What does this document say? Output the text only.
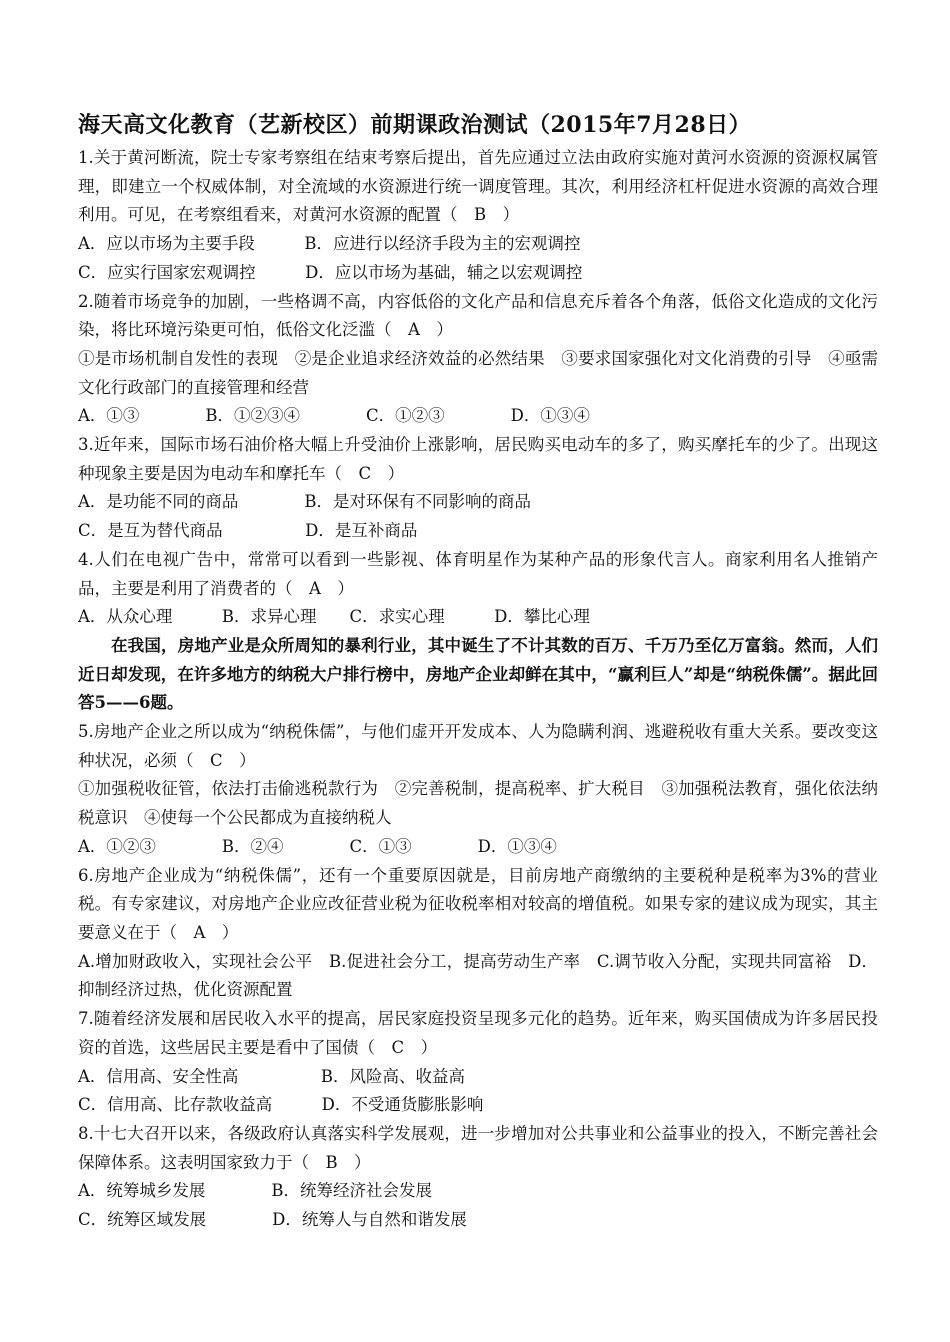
海天高文化教育（艺新校区）前期课政治测试（2015年7月28日）
1.关于黄河断流，院士专家考察组在结束考察后提出，首先应通过立法由政府实施对黄河水资源的资源权属管理，即建立一个权威体制，对全流域的水资源进行统一调度管理。其次，利用经济杠杆促进水资源的高效合理利用。可见，在考察组看来，对黄河水资源的配置（　B　）
A．应以市场为主要手段　　　B．应进行以经济手段为主的宏观调控
C．应实行国家宏观调控　　　D．应以市场为基础，辅之以宏观调控
2.随着市场竞争的加剧，一些格调不高，内容低俗的文化产品和信息充斥着各个角落，低俗文化造成的文化污染，将比环境污染更可怕，低俗文化泛滥（　A　）
①是市场机制自发性的表现　②是企业追求经济效益的必然结果　③要求国家强化对文化消费的引导　④亟需文化行政部门的直接管理和经营
A．①③　　　　B．①②③④　　　　C．①②③　　　　D．①③④
3.近年来，国际市场石油价格大幅上升受油价上涨影响，居民购买电动车的多了，购买摩托车的少了。出现这种现象主要是因为电动车和摩托车（　C　）
A．是功能不同的商品　　　　B．是对环保有不同影响的商品
C．是互为替代商品　　　　　D．是互补商品
4.人们在电视广告中，常常可以看到一些影视、体育明星作为某种产品的形象代言人。商家利用名人推销产品，主要是利用了消费者的（　A　）
A．从众心理　　　B．求异心理　　C．求实心理　　　D．攀比心理
在我国，房地产业是众所周知的暴利行业，其中诞生了不计其数的百万、千万乃至亿万富翁。然而，人们近日却发现，在许多地方的纳税大户排行榜中，房地产企业却鲜在其中，“赢利巨人”却是“纳税侏儒”。据此回答5——6题。
5.房地产企业之所以成为“纳税侏儒”，与他们虚开开发成本、人为隐瞒利润、逃避税收有重大关系。要改变这种状况，必须（　C　）
①加强税收征管，依法打击偷逃税款行为　②完善税制，提高税率、扩大税目　③加强税法教育，强化依法纳税意识　④使每一个公民都成为直接纳税人
A．①②③　　　　B．②④　　　　C．①③　　　　D．①③④
6.房地产企业成为“纳税侏儒”，还有一个重要原因就是，目前房地产商缴纳的主要税种是税率为3%的营业税。有专家建议，对房地产企业应改征营业税为征收税率相对较高的增值税。如果专家的建议成为现实，其主要意义在于（　A　）
A.增加财政收入，实现社会公平　B.促进社会分工，提高劳动生产率　C.调节收入分配，实现共同富裕　D．抑制经济过热，优化资源配置
7.随着经济发展和居民收入水平的提高，居民家庭投资呈现多元化的趋势。近年来，购买国债成为许多居民投资的首选，这些居民主要是看中了国债（　C　）
A．信用高、安全性高　　　　　B．风险高、收益高
C．信用高、比存款收益高　　　D．不受通货膨胀影响
8.十七大召开以来，各级政府认真落实科学发展观，进一步增加对公共事业和公益事业的投入，不断完善社会保障体系。这表明国家致力于（　B　）
A．统筹城乡发展　　　　B．统筹经济社会发展
C．统筹区域发展　　　　D．统筹人与自然和谐发展
